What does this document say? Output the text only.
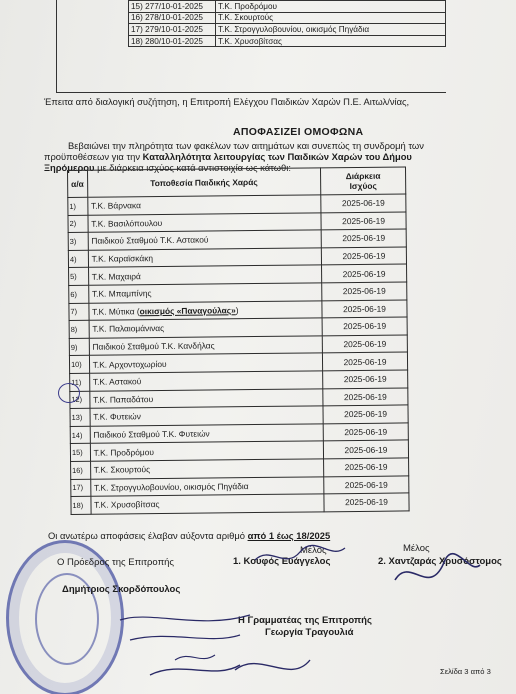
15) 277/10-01-2025	Τ.Κ. Προδρόμου
16) 278/10-01-2025	Τ.Κ. Σκουρτούς
17) 279/10-01-2025	Τ.Κ. Στρογγυλοβουνίου, οικισμός Πηγάδια
18) 280/10-01-2025	Τ.Κ. Χρυσοβίτσας
Έπειτα από διαλογική συζήτηση, η Επιτροπή Ελέγχου Παιδικών Χαρών Π.Ε. Αιτωλ/νίας,
ΑΠΟΦΑΣΙΖΕΙ ΟΜΟΦΩΝΑ
Βεβαιώνει την πληρότητα των φακέλων των αιτημάτων και συνεπώς τη συνδρομή των
προϋποθέσεων για την Καταλληλότητα λειτουργίας των Παιδικών Χαρών του Δήμου
Ξηρόμερου με διάρκεια ισχύος κατά αντιστοιχία ως κάτωθι:
α/α	Τοποθεσία Παιδικής Χαράς	Διάρκεια
Ισχύος
1)	Τ.Κ. Βάρνακα	2025-06-19
2)	Τ.Κ. Βασιλόπουλου	2025-06-19
3)	Παιδικού Σταθμού Τ.Κ. Αστακού	2025-06-19
4)	Τ.Κ. Καραϊσκάκη	2025-06-19
5)	Τ.Κ. Μαχαιρά	2025-06-19
6)	Τ.Κ. Μπαμπίνης	2025-06-19
7)	Τ.Κ. Μύτικα (οικισμός «Παναγούλας»)	2025-06-19
8)	Τ.Κ. Παλαιομάνινας	2025-06-19
9)	Παιδικού Σταθμού Τ.Κ. Κανδήλας	2025-06-19
10)	Τ.Κ. Αρχοντοχωρίου	2025-06-19
11)	Τ.Κ. Αστακού	2025-06-19
12)	Τ.Κ. Παπαδάτου	2025-06-19
13)	Τ.Κ. Φυτειών	2025-06-19
14)	Παιδικού Σταθμού Τ.Κ. Φυτειών	2025-06-19
15)	Τ.Κ. Προδρόμου	2025-06-19
16)	Τ.Κ. Σκουρτούς	2025-06-19
17)	Τ.Κ. Στρογγυλοβουνίου, οικισμός Πηγάδια	2025-06-19
18)	Τ.Κ. Χρυσοβίτσας	2025-06-19
Οι ανωτέρω αποφάσεις έλαβαν αύξοντα αριθμό από 1 έως 18/2025
Ο Πρόεδρος της Επιτροπής
Μέλος	Μέλος
1. Κουφός Ευάγγελος	2. Χαντζαράς Χρυσόστομος
Δημήτριος Σκορδόπουλος
Η Γραμματέας της Επιτροπής
Γεωργία Τραγουλιά
Σελίδα 3 από 3
